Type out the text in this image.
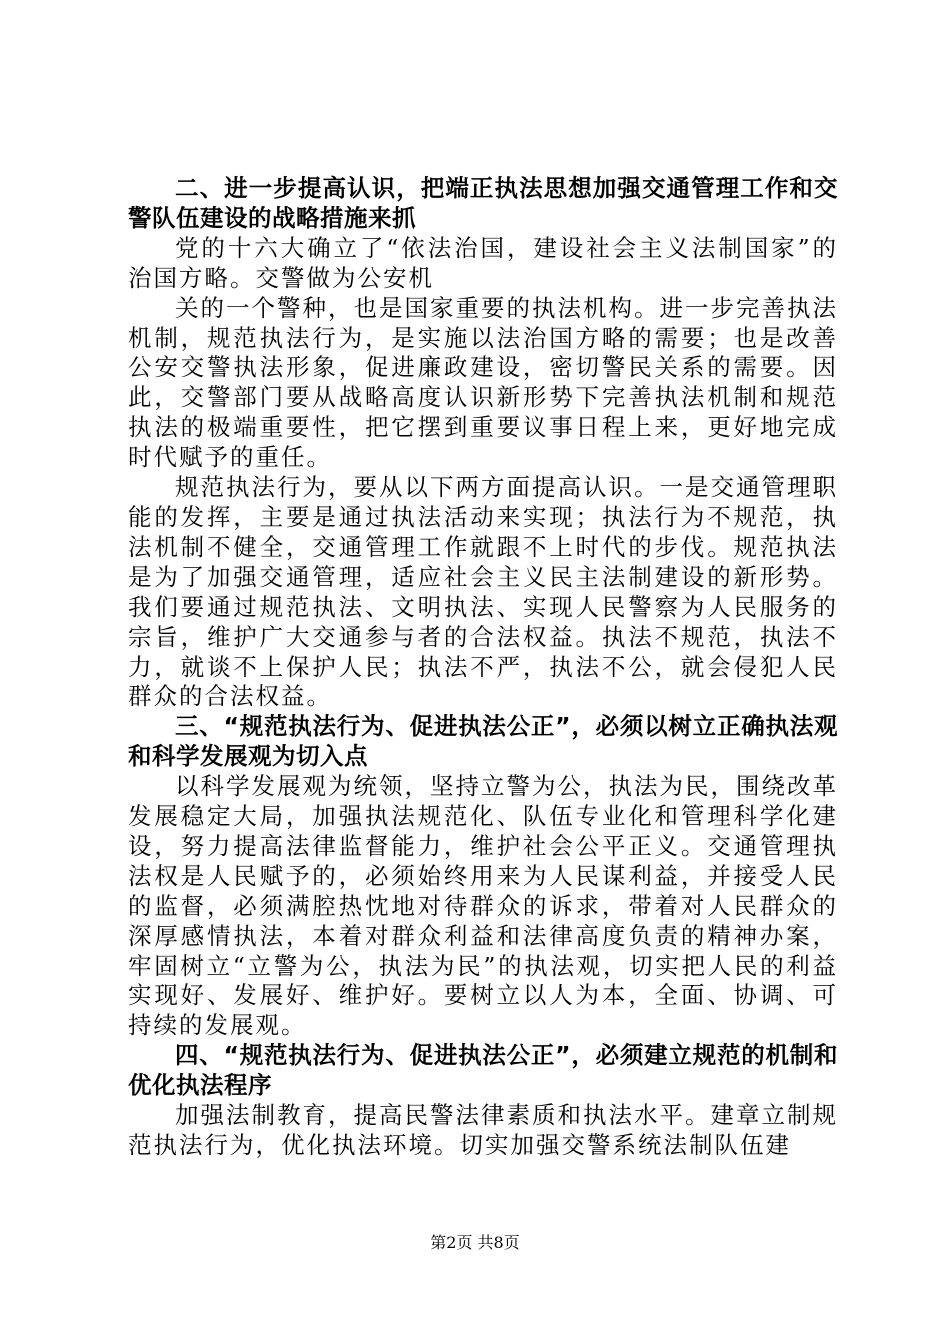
二、进一步提高认识，把端正执法思想加强交通管理工作和交警队伍建设的战略措施来抓

党的十六大确立了“依法治国，建设社会主义法制国家”的治国方略。交警做为公安机

关的一个警种，也是国家重要的执法机构。进一步完善执法机制，规范执法行为，是实施以法治国方略的需要；也是改善公安交警执法形象，促进廉政建设，密切警民关系的需要。因此，交警部门要从战略高度认识新形势下完善执法机制和规范执法的极端重要性，把它摆到重要议事日程上来，更好地完成时代赋予的重任。

规范执法行为，要从以下两方面提高认识。一是交通管理职能的发挥，主要是通过执法活动来实现；执法行为不规范，执法机制不健全，交通管理工作就跟不上时代的步伐。规范执法是为了加强交通管理，适应社会主义民主法制建设的新形势。我们要通过规范执法、文明执法、实现人民警察为人民服务的宗旨，维护广大交通参与者的合法权益。执法不规范，执法不力，就谈不上保护人民；执法不严，执法不公，就会侵犯人民群众的合法权益。

三、“规范执法行为、促进执法公正”，必须以树立正确执法观和科学发展观为切入点

以科学发展观为统领，坚持立警为公，执法为民，围绕改革发展稳定大局，加强执法规范化、队伍专业化和管理科学化建设，努力提高法律监督能力，维护社会公平正义。交通管理执法权是人民赋予的，必须始终用来为人民谋利益，并接受人民的监督，必须满腔热忱地对待群众的诉求，带着对人民群众的深厚感情执法，本着对群众利益和法律高度负责的精神办案，牢固树立“立警为公，执法为民”的执法观，切实把人民的利益实现好、发展好、维护好。要树立以人为本，全面、协调、可持续的发展观。

四、“规范执法行为、促进执法公正”，必须建立规范的机制和优化执法程序

加强法制教育，提高民警法律素质和执法水平。建章立制规范执法行为，优化执法环境。切实加强交警系统法制队伍建

第2页 共8页
